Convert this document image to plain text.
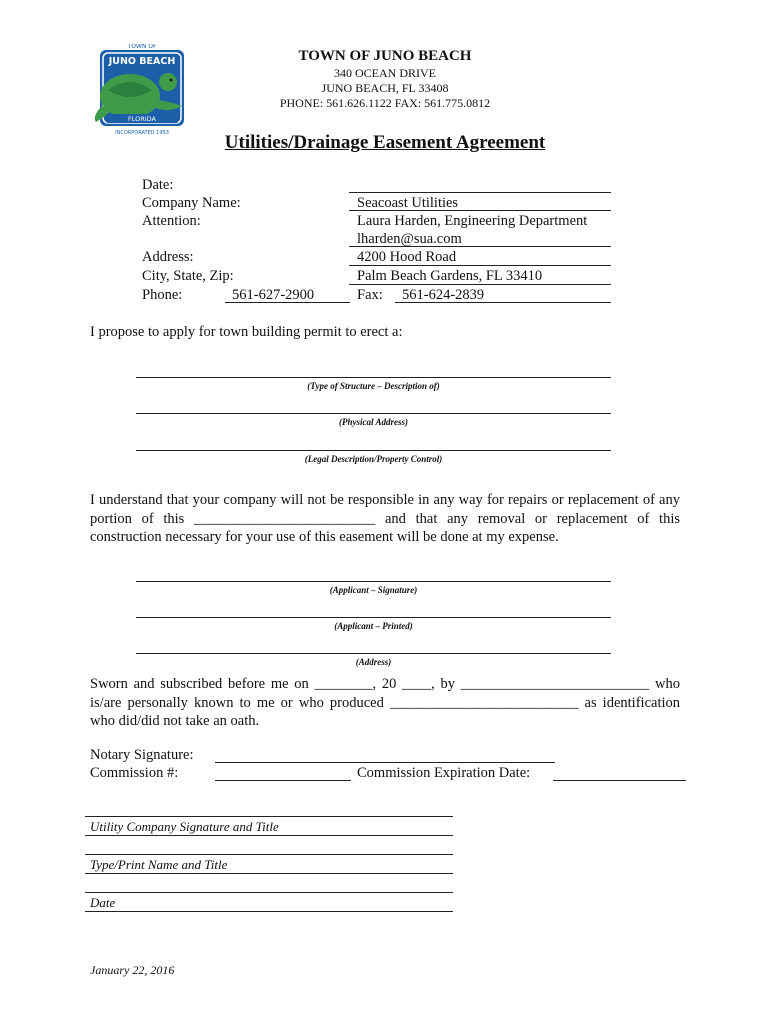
TOWN OF
JUNO BEACH
FLORIDA
INCORPORATED 1953
TOWN OF JUNO BEACH
340 OCEAN DRIVE
JUNO BEACH, FL 33408
PHONE: 561.626.1122 FAX: 561.775.0812
Utilities/Drainage Easement Agreement
Date:
Company Name:
Attention:
Address:
City, State, Zip:
Phone:
Seacoast Utilities
Laura Harden, Engineering Department
lharden@sua.com
4200 Hood Road
Palm Beach Gardens, FL 33410
561-627-2900	Fax: 561-624-2839
I propose to apply for town building permit to erect a:
(Type of Structure – Description of)
(Physical Address)
(Legal Description/Property Control)
I understand that your company will not be responsible in any way for repairs or replacement of any portion of this _________________________ and that any removal or replacement of this construction necessary for your use of this easement will be done at my expense.
(Applicant – Signature)
(Applicant – Printed)
(Address)
Sworn and subscribed before me on ________, 20 ____, by __________________________ who is/are personally known to me or who produced __________________________ as identification who did/did not take an oath.
Notary Signature:
Commission #:	Commission Expiration Date:
Utility Company Signature and Title
Type/Print Name and Title
Date
January 22, 2016
